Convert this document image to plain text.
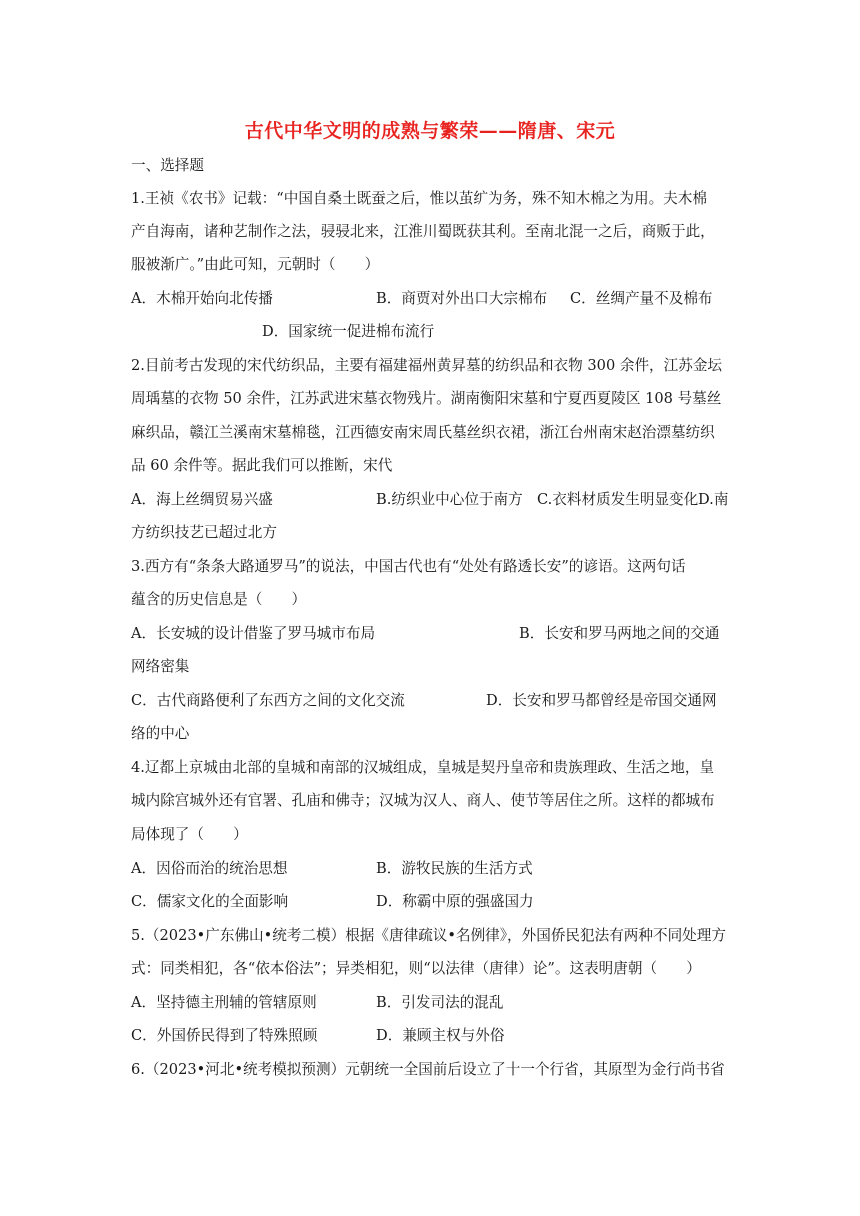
古代中华文明的成熟与繁荣——隋唐、宋元
一、选择题
1.王祯《农书》记载：“中国自桑土既蚕之后，惟以茧纩为务，殊不知木棉之为用。夫木棉
产自海南，诸种艺制作之法，骎骎北来，江淮川蜀既获其利。至南北混一之后，商贩于此，
服被渐广。”由此可知，元朝时（　　）
A．木棉开始向北传播	B．商贾对外出口大宗棉布 C．丝绸产量不及棉布
D．国家统一促进棉布流行
2.目前考古发现的宋代纺织品，主要有福建福州黄昇墓的纺织品和衣物 300 余件，江苏金坛
周瑀墓的衣物 50 余件，江苏武进宋墓衣物残片。湖南衡阳宋墓和宁夏西夏陵区 108 号墓丝
麻织品，赣江兰溪南宋墓棉毯，江西德安南宋周氏墓丝织衣裙，浙江台州南宋赵治漂墓纺织
品 60 余件等。据此我们可以推断，宋代
A．海上丝绸贸易兴盛	B.纺织业中心位于南方 C.衣料材质发生明显变化 D.南
方纺织技艺已超过北方
3.西方有“条条大路通罗马”的说法，中国古代也有“处处有路透长安”的谚语。这两句话
蕴含的历史信息是（　　）
A．长安城的设计借鉴了罗马城市布局	B．长安和罗马两地之间的交通
网络密集
C．古代商路便利了东西方之间的文化交流	D．长安和罗马都曾经是帝国交通网
络的中心
4.辽都上京城由北部的皇城和南部的汉城组成，皇城是契丹皇帝和贵族理政、生活之地，皇
城内除宫城外还有官署、孔庙和佛寺；汉城为汉人、商人、使节等居住之所。这样的都城布
局体现了（　　）
A．因俗而治的统治思想	B．游牧民族的生活方式
C．儒家文化的全面影响	D．称霸中原的强盛国力
5.（2023•广东佛山•统考二模）根据《唐律疏议•名例律》，外国侨民犯法有两种不同处理方
式：同类相犯，各“依本俗法”；异类相犯，则“以法律（唐律）论”。这表明唐朝（　　）
A．坚持德主刑辅的管辖原则	B．引发司法的混乱
C．外国侨民得到了特殊照顾	D．兼顾主权与外俗
6.（2023•河北•统考模拟预测）元朝统一全国前后设立了十一个行省，其原型为金行尚书省
